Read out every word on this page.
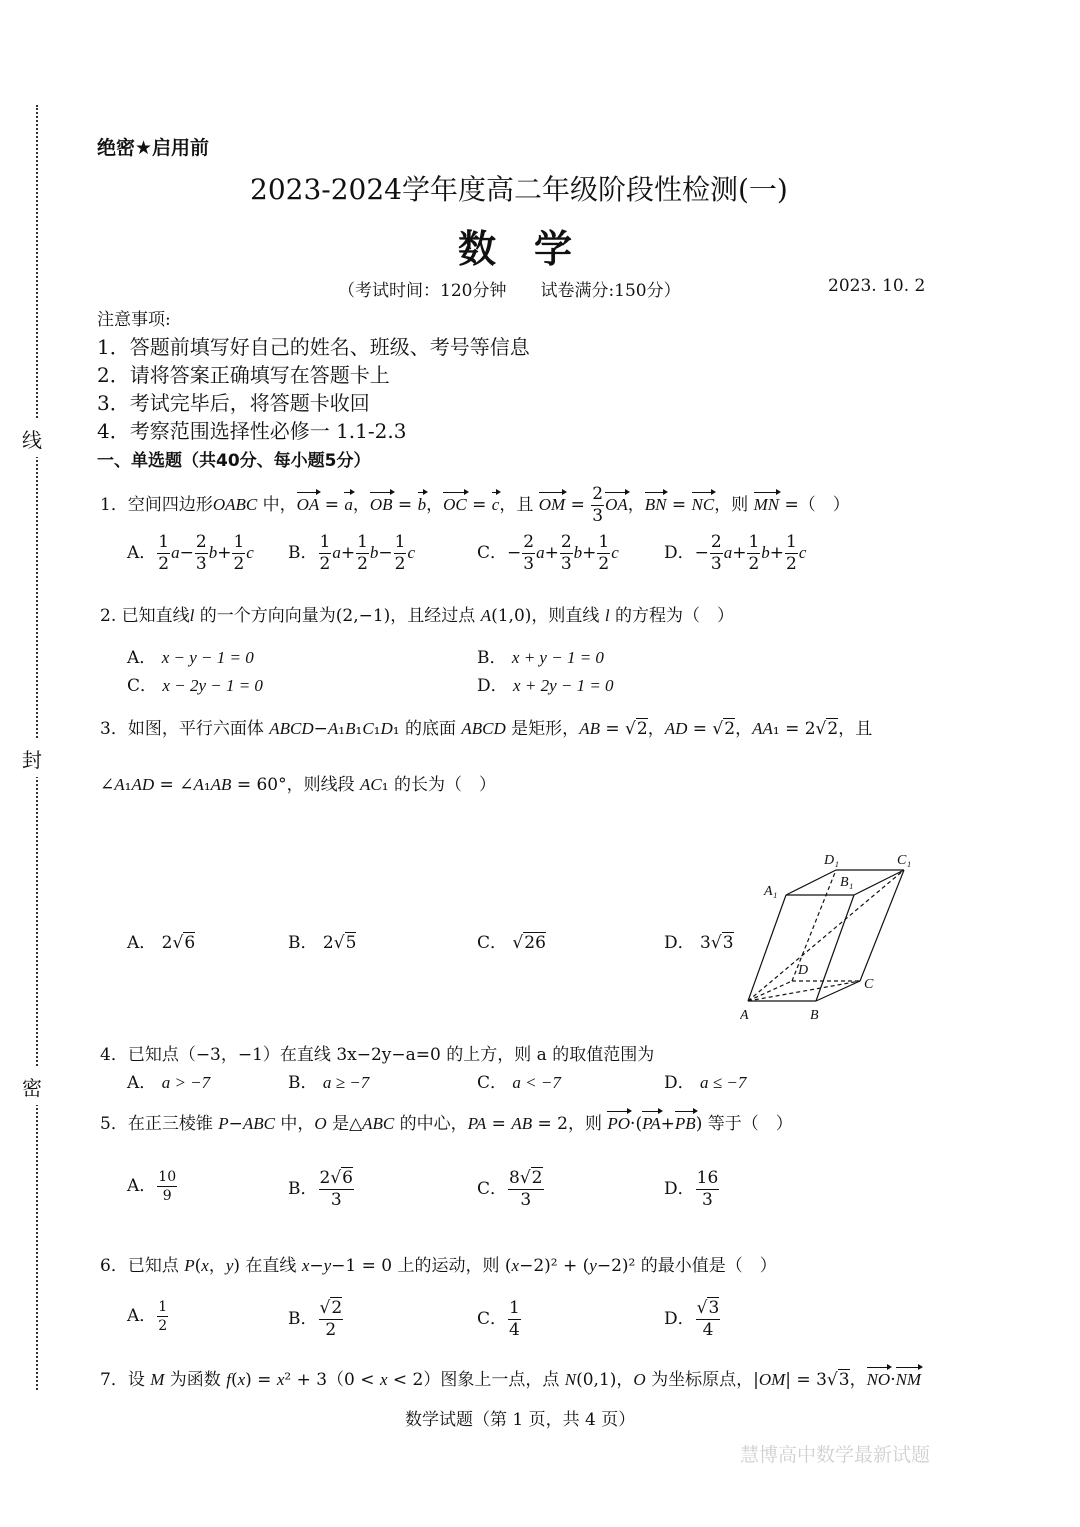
线
封
密
绝密★启用前
2023-2024学年度高二年级阶段性检测(一)
数　学
（考试时间：120分钟　　试卷满分:150分）	2023. 10. 2
注意事项:
1．答题前填写好自己的姓名、班级、考号等信息
2．请将答案正确填写在答题卡上
3．考试完毕后，将答题卡收回
4．考察范围选择性必修一 1.1-2.3
一、单选题（共40分、每小题5分）
1．空间四边形OABC 中，OA = a，OB = b，OC = c，且 OM = $\frac{2}{3}$ OA，BN = NC，则 MN =（　）
A． $\frac{1}{2} a- \frac{2}{3} b+ \frac{1}{2}$ c B． $\frac{1}{2} a+ \frac{1}{2} b- \frac{1}{2}$ c	C．− $\frac{2}{3} a+ \frac{2}{3} b+ \frac{1}{2}$ c	D．− $\frac{2}{3} a+ \frac{1}{2} b+ \frac{1}{2}$ c
2. 已知直线l 的一个方向向量为(2,−1)，且经过点 A(1,0)，则直线 l 的方程为（　）
A． x − y − 1 = 0	B． x + y − 1 = 0
C． x − 2y − 1 = 0	D． x + 2y − 1 = 0
3．如图，平行六面体 ABCD−A₁B₁C₁D₁ 的底面 ABCD 是矩形，AB = √2，AD = √2，AA₁ = 2√2，且
∠A₁AD = ∠A₁AB = 60°，则线段 AC₁ 的长为（　）
A． 2√6	B． 2√5	C． √26	D． 3√3
D₁	C₁
A₁
B₁
D
C
A	B
4．已知点（−3，−1）在直线 3x−2y−a=0 的上方，则 a 的取值范围为
A． a > −7	B． a ≥ −7	C． a < −7	D． a ≤ −7
5．在正三棱锥 P−ABC 中，O 是△ABC 的中心，PA = AB = 2，则 PO·(PA+PB) 等于（　）
A． $\frac{10}{9}$	B． $\frac{2√6}{3}$	C． $\frac{8√2}{3}$	D． $\frac{16}{3}$
6．已知点 P(x，y) 在直线 x−y−1 = 0 上的运动，则 (x−2)² + (y−2)² 的最小值是（　）
A． $\frac{1}{2}$	B． $\frac{√2}{2}$	C． $\frac{1}{4}$	D． $\frac{√3}{4}$
7．设 M 为函数 f(x) = x² + 3（0 < x < 2）图象上一点，点 N(0,1)，O 为坐标原点，|OM| = 3√3，NO·NM
数学试题（第 1 页，共 4 页）
慧博高中数学最新试题
